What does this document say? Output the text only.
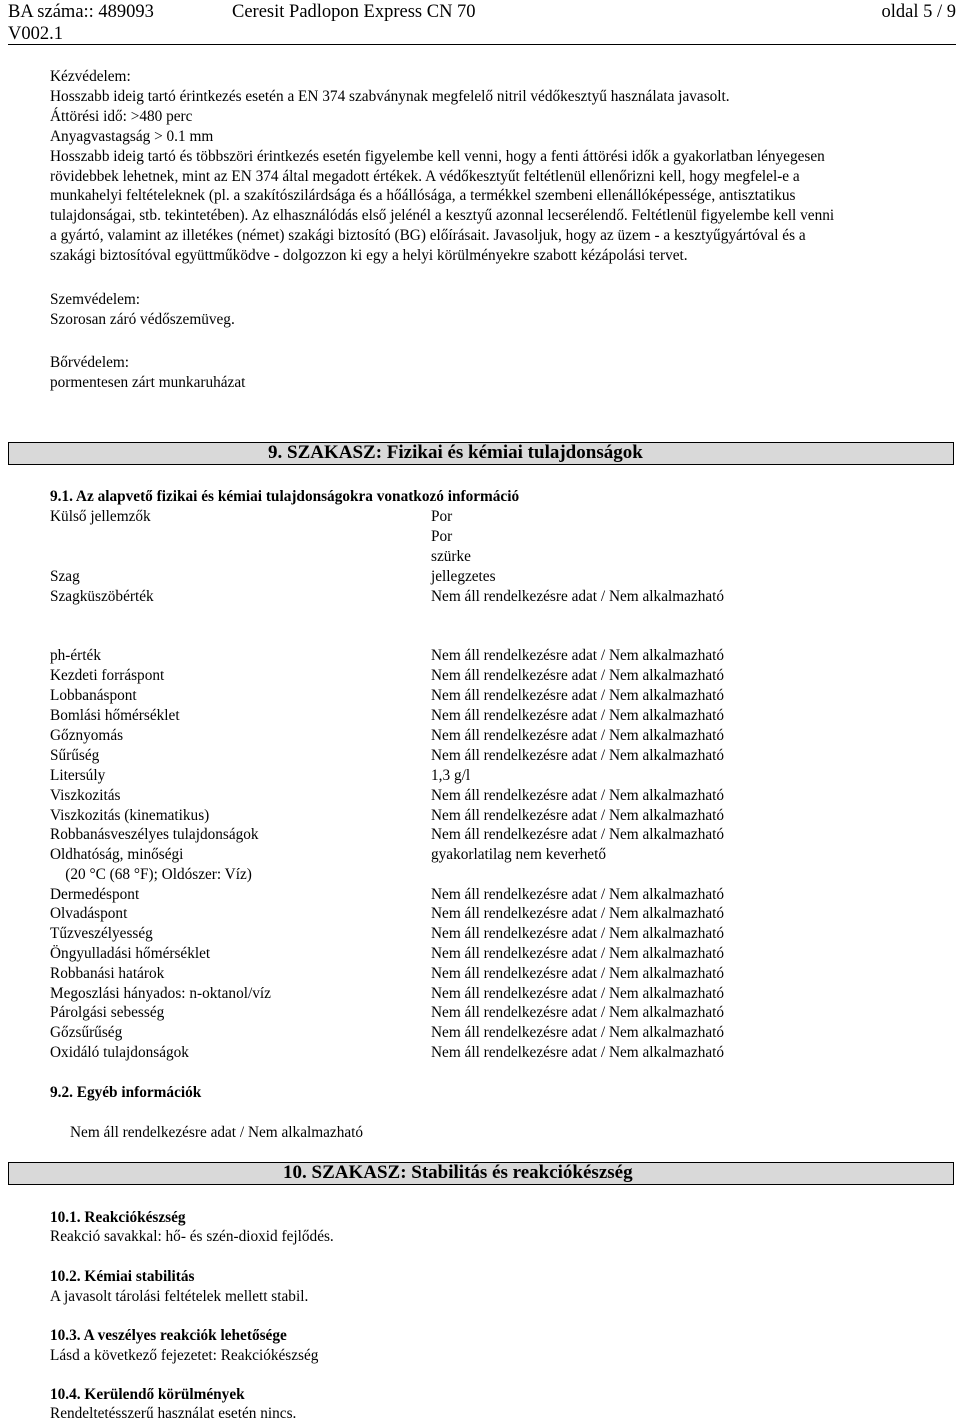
BA száma:: 489093	Ceresit Padlopon Express CN 70	oldal 5 / 9
V002.1
Kézvédelem:
Hosszabb ideig tartó érintkezés esetén a EN 374 szabványnak megfelelő nitril védőkesztyű használata javasolt.
Áttörési idő: >480 perc
Anyagvastagság > 0.1 mm
Hosszabb ideig tartó és többszöri érintkezés esetén figyelembe kell venni, hogy a fenti áttörési idők a gyakorlatban lényegesen
rövidebbek lehetnek, mint az EN 374 által megadott értékek. A védőkesztyűt feltétlenül ellenőrizni kell, hogy megfelel-e a
munkahelyi feltételeknek (pl. a szakítószilárdsága és a hőállósága, a termékkel szembeni ellenállóképessége, antisztatikus
tulajdonságai, stb. tekintetében). Az elhasználódás első jelénél a kesztyű azonnal lecserélendő. Feltétlenül figyelembe kell venni
a gyártó, valamint az illetékes (német) szakági biztosító (BG) előírásait. Javasoljuk, hogy az üzem - a kesztyűgyártóval és a
szakági biztosítóval együttműködve - dolgozzon ki egy a helyi körülményekre szabott kézápolási tervet.
Szemvédelem:
Szorosan záró védőszemüveg.
Bőrvédelem:
pormentesen zárt munkaruházat
9. SZAKASZ: Fizikai és kémiai tulajdonságok
9.1. Az alapvető fizikai és kémiai tulajdonságokra vonatkozó információ
Külső jellemzők	Por
Por
szürke
Szag	jellegzetes
Szagküszöbérték	Nem áll rendelkezésre adat / Nem alkalmazható
ph-érték	Nem áll rendelkezésre adat / Nem alkalmazható
Kezdeti forráspont	Nem áll rendelkezésre adat / Nem alkalmazható
Lobbanáspont	Nem áll rendelkezésre adat / Nem alkalmazható
Bomlási hőmérséklet	Nem áll rendelkezésre adat / Nem alkalmazható
Gőznyomás	Nem áll rendelkezésre adat / Nem alkalmazható
Sűrűség	Nem áll rendelkezésre adat / Nem alkalmazható
Litersúly	1,3 g/l
Viszkozitás	Nem áll rendelkezésre adat / Nem alkalmazható
Viszkozitás (kinematikus)	Nem áll rendelkezésre adat / Nem alkalmazható
Robbanásveszélyes tulajdonságok	Nem áll rendelkezésre adat / Nem alkalmazható
Oldhatóság, minőségi	gyakorlatilag nem keverhető
(20 °C (68 °F); Oldószer: Víz)
Dermedéspont	Nem áll rendelkezésre adat / Nem alkalmazható
Olvadáspont	Nem áll rendelkezésre adat / Nem alkalmazható
Tűzveszélyesség	Nem áll rendelkezésre adat / Nem alkalmazható
Öngyulladási hőmérséklet	Nem áll rendelkezésre adat / Nem alkalmazható
Robbanási határok	Nem áll rendelkezésre adat / Nem alkalmazható
Megoszlási hányados: n-oktanol/víz	Nem áll rendelkezésre adat / Nem alkalmazható
Párolgási sebesség	Nem áll rendelkezésre adat / Nem alkalmazható
Gőzsűrűség	Nem áll rendelkezésre adat / Nem alkalmazható
Oxidáló tulajdonságok	Nem áll rendelkezésre adat / Nem alkalmazható
9.2. Egyéb információk
Nem áll rendelkezésre adat / Nem alkalmazható
10. SZAKASZ: Stabilitás és reakciókészség
10.1. Reakciókészség
Reakció savakkal: hő- és szén-dioxid fejlődés.
10.2. Kémiai stabilitás
A javasolt tárolási feltételek mellett stabil.
10.3. A veszélyes reakciók lehetősége
Lásd a következő fejezetet: Reakciókészség
10.4. Kerülendő körülmények
Rendeltetésszerű használat esetén nincs.
